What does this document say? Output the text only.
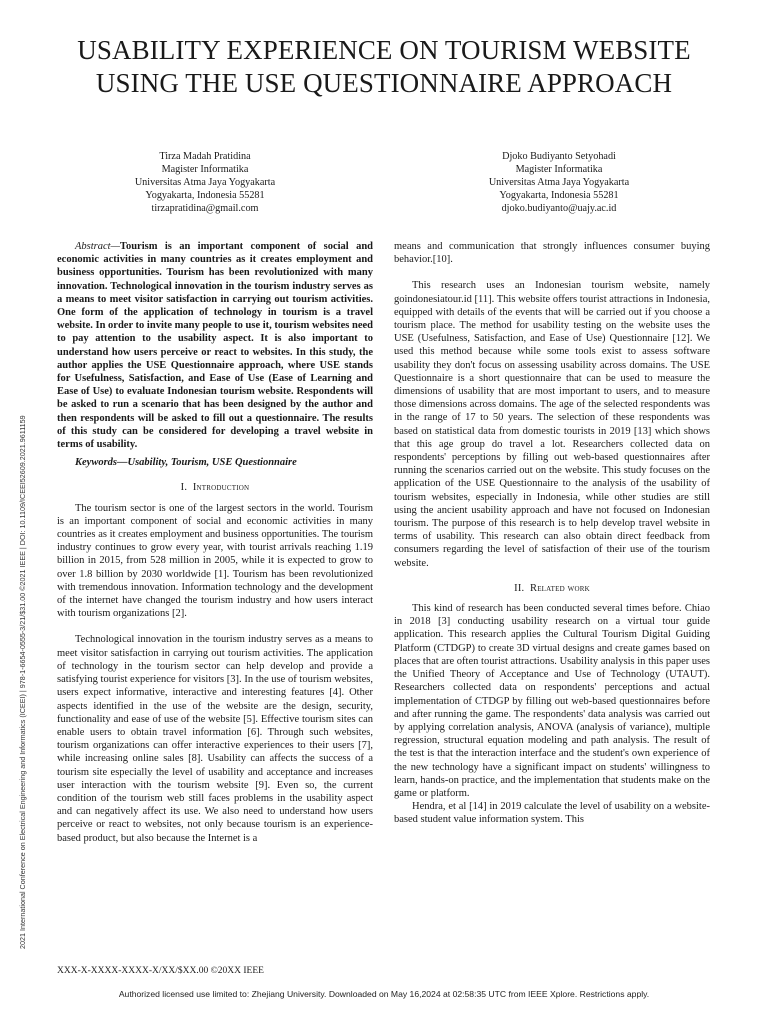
USABILITY EXPERIENCE ON TOURISM WEBSITE USING THE USE QUESTIONNAIRE APPROACH
Tirza Madah Pratidina
Magister Informatika
Universitas Atma Jaya Yogyakarta
Yogyakarta, Indonesia 55281
tirzapratidina@gmail.com
Djoko Budiyanto Setyohadi
Magister Informatika
Universitas Atma Jaya Yogyakarta
Yogyakarta, Indonesia 55281
djoko.budiyanto@uajy.ac.id

Abstract—Tourism is an important component of social and economic activities in many countries as it creates employment and business opportunities. Tourism has been revolutionized with many innovation. Technological innovation in the tourism industry serves as a means to meet visitor satisfaction in carrying out tourism activities. One form of the application of technology in tourism is a travel website. In order to invite many people to use it, tourism websites need to pay attention to the usability aspect. It is also important to understand how users perceive or react to websites. In this study, the author applies the USE Questionnaire approach, where USE stands for Usefulness, Satisfaction, and Ease of Use (Ease of Learning and Ease of Use) to evaluate Indonesian tourism website. Respondents will be asked to run a scenario that has been designed by the author and then respondents will be asked to fill out a questionnaire. The results of this study can be considered for developing a travel website in terms of usability.

Keywords—Usability, Tourism, USE Questionnaire

I. Introduction

The tourism sector is one of the largest sectors in the world. Tourism is an important component of social and economic activities in many countries as it creates employment and business opportunities. The tourism industry continues to grow every year, with tourist arrivals reaching 1.19 billion in 2015, from 528 million in 2005, while it is expected to grow to over 1.8 billion by 2030 worldwide [1]. Tourism has been revolutionized with tremendous innovation. Information technology and the development of the internet have changed the tourism industry and how users interact with tourism organizations [2].

Technological innovation in the tourism industry serves as a means to meet visitor satisfaction in carrying out tourism activities. The application of technology in the tourism sector can help develop and provide a satisfying tourist experience for visitors [3]. In the use of tourism websites, users expect informative, interactive and interesting features [4]. Other aspects identified in the use of the website are the design, security, functionality and ease of use of the website [5]. Effective tourism sites can enable users to obtain travel information [6]. Through such websites, tourism organizations can offer interactive experiences to their users [7], while increasing online sales [8]. Usability can affects the success of a tourism site especially the level of usability and acceptance and increases user interaction with the tourism website [9]. Even so, the current condition of the tourism web still faces problems in the usability aspect and can negatively affect its use. We also need to understand how users perceive or react to websites, not only because tourism is an experience-based product, but also because the Internet is a

means and communication that strongly influences consumer buying behavior.[10].

This research uses an Indonesian tourism website, namely goindonesiatour.id [11]. This website offers tourist attractions in Indonesia, equipped with details of the events that will be carried out if you choose a tourism place. The method for usability testing on the website uses the USE (Usefulness, Satisfaction, and Ease of Use) Questionnaire [12]. We used this method because while some tools exist to assess software usability they don't focus on assessing usability across domains. The USE Questionnaire is a short questionnaire that can be used to measure the dimensions of usability that are most important to users, and to measure those dimensions across domains. The age of the selected respondents was in the range of 17 to 50 years. The selection of these respondents was based on statistical data from domestic tourists in 2019 [13] which shows that this age group do travel a lot. Researchers collected data on respondents' perceptions by filling out web-based questionnaires after running the scenarios carried out on the website. This study focuses on the application of the USE Questionnaire to the analysis of the usability of tourism websites, especially in Indonesia, while other studies are still using the ancient usability approach and have not focused on Indonesian tourism. The purpose of this research is to help develop travel website in terms of usability. This research can also obtain direct feedback from consumers regarding the level of satisfaction of their use of the tourism website.

II. Related work

This kind of research has been conducted several times before. Chiao in 2018 [3] conducting usability research on a virtual tour guide application. This research applies the Cultural Tourism Digital Guiding Platform (CTDGP) to create 3D virtual designs and create games based on places that are often tourist attractions. Usability analysis in this paper uses the Unified Theory of Acceptance and Use of Technology (UTAUT). Researchers collected data on respondents' perceptions and actual implementation of CTDGP by filling out web-based questionnaires before and after running the game. The respondents' data analysis was carried out by applying correlation analysis, ANOVA (analysis of variance), multiple regression, structural equation modeling and path analysis. The result of the test is that the interaction interface and the student's own experience of the new technology have a significant impact on students' willingness to learn, hands-on practice, and the implementation that students make on the game or platform.

Hendra, et al [14] in 2019 calculate the level of usability on a website-based student value information system. This

2021 International Conference on Electrical Engineering and Informatics (ICEEI) | 978-1-6654-0555-3/21/$31.00 ©2021 IEEE | DOI: 10.1109/ICEEI52609.2021.9611159
XXX-X-XXXX-XXXX-X/XX/$XX.00 ©20XX IEEE
Authorized licensed use limited to: Zhejiang University. Downloaded on May 16,2024 at 02:58:35 UTC from IEEE Xplore. Restrictions apply.
